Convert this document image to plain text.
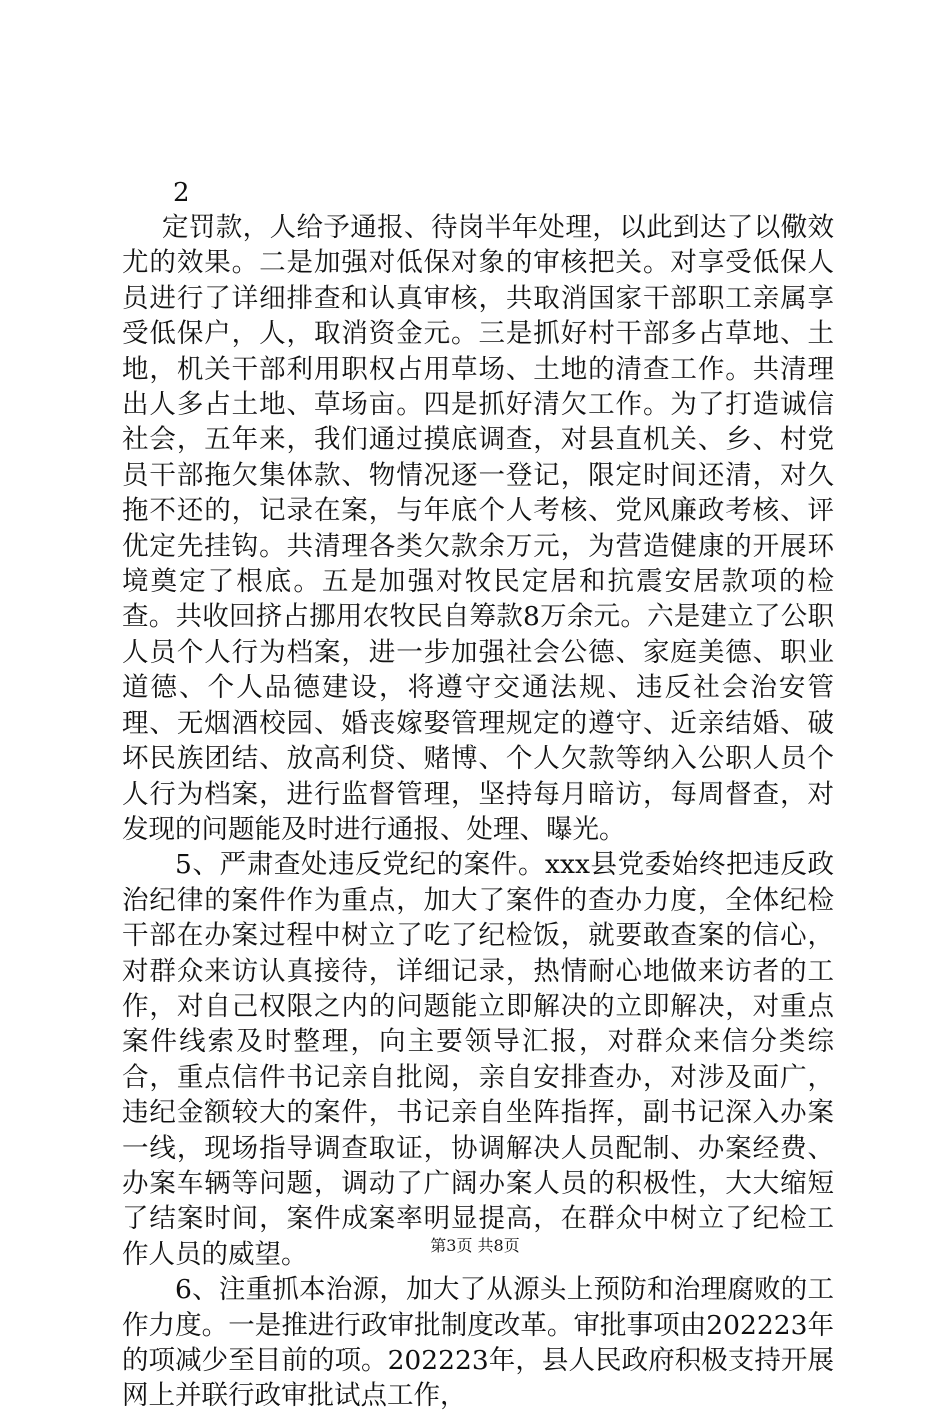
2

定罚款，人给予通报、待岗半年处理，以此到达了以儆效尤的效果。二是加强对低保对象的审核把关。对享受低保人员进行了详细排查和认真审核，共取消国家干部职工亲属享受低保户，人，取消资金元。三是抓好村干部多占草地、土地，机关干部利用职权占用草场、土地的清查工作。共清理出人多占土地、草场亩。四是抓好清欠工作。为了打造诚信社会，五年来，我们通过摸底调查，对县直机关、乡、村党员干部拖欠集体款、物情况逐一登记，限定时间还清，对久拖不还的，记录在案，与年底个人考核、党风廉政考核、评优定先挂钩。共清理各类欠款余万元，为营造健康的开展环境奠定了根底。五是加强对牧民定居和抗震安居款项的检查。共收回挤占挪用农牧民自筹款8万余元。六是建立了公职人员个人行为档案，进一步加强社会公德、家庭美德、职业道德、个人品德建设，将遵守交通法规、违反社会治安管理、无烟酒校园、婚丧嫁娶管理规定的遵守、近亲结婚、破坏民族团结、放高利贷、赌博、个人欠款等纳入公职人员个人行为档案，进行监督管理，坚持每月暗访，每周督查，对发现的问题能及时进行通报、处理、曝光。

5、严肃查处违反党纪的案件。xxx县党委始终把违反政治纪律的案件作为重点，加大了案件的查办力度，全体纪检干部在办案过程中树立了吃了纪检饭，就要敢查案的信心，对群众来访认真接待，详细记录，热情耐心地做来访者的工作，对自己权限之内的问题能立即解决的立即解决，对重点案件线索及时整理，向主要领导汇报，对群众来信分类综合，重点信件书记亲自批阅，亲自安排查办，对涉及面广，违纪金额较大的案件，书记亲自坐阵指挥，副书记深入办案一线，现场指导调查取证，协调解决人员配制、办案经费、办案车辆等问题，调动了广阔办案人员的积极性，大大缩短了结案时间，案件成案率明显提高，在群众中树立了纪检工作人员的威望。

6、注重抓本治源，加大了从源头上预防和治理腐败的工作力度。一是推进行政审批制度改革。审批事项由202223年的项减少至目前的项。202223年，县人民政府积极支持开展网上并联行政审批试点工作，

第3页 共8页
